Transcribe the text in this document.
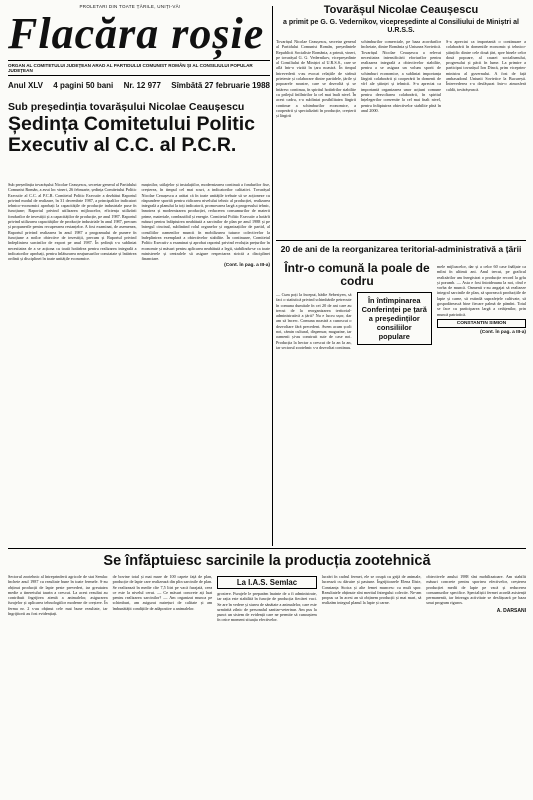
PROLETARI DIN TOATE ȚĂRILE, UNIȚI-VĂ!
Flacăra roșie
ORGAN AL COMITETULUI JUDEȚEAN ARAD AL PARTIDULUI COMUNIST ROMÂN ȘI AL CONSILIULUI POPULAR JUDEȚEAN
Anul XLV 4 pagini 50 bani Nr. 12 977 Sîmbătă 27 februarie 1988
Tovarășul Nicolae Ceaușescu
a primit pe G. G. Vedernikov, vicepreședinte al Consiliului de Miniștri al U.R.S.S.
Tovarășul Nicolae Ceaușescu, secretar general al Partidului Comunist Român, președintele Republicii Socialiste România, a primit, vineri, pe tovarășul G. G. Vedernikov, vicepreședinte al Consiliului de Miniștri al U.R.S.S., care se află într-o vizită în țara noastră. În timpul întrevederii s-au evocat relațiile de strînsă prietenie și colaborare dintre partidele, țările și popoarele noastre, care se dezvoltă și se întăresc continuu, în spiritul hotărîrilor stabilite cu prilejul întîlnirilor la cel mai înalt nivel. În acest cadru, s-a subliniat posibilitatea lărgirii continue a schimburilor economice, a cooperării și specializării în producție, creșterii și lărgirii
schimburilor comerciale, pe baza acordurilor încheiate, dintre România și Uniunea Sovietică. Tovarășul Nicolae Ceaușescu a relevat necesitatea intensificării eforturilor pentru realizarea integrală a obiectivelor stabilite, pentru a se asigura un volum sporit de schimburi economice, a subliniat importanța lărgirii colaborării și cooperării în domenii de vîrf ale științei și tehnicii. S-a apreciat ca importantă organizarea unor acțiuni comune pentru dezvoltarea colaborării, în spiritul înțelegerilor convenite la cel mai înalt nivel, pentru înfăptuirea obiectivelor stabilite pînă în anul 2000.
S-a apreciat ca importantă o continuare a colaborării în domeniile economic și tehnico-științific dintre cele două țări, spre binele celor două popoare, al cauzei socialismului, progresului și păcii în lume. La primire a participat tovarășul Ion Dincă, prim viceprim-ministru al guvernului. A fost de față ambasadorul Uniunii Sovietice la București. Întrevederea s-a desfășurat într-o atmosferă caldă, tovărășească.
Sub președinția tovarășului Nicolae Ceaușescu
Ședința Comitetului Politic Executiv al C.C. al P.C.R.
Sub președinția tovarășului Nicolae Ceaușescu, secretar general al Partidului Comunist Român, a avut loc vineri, 26 februarie, ședința Comitetului Politic Executiv al C.C. al P.C.R. Comitetul Politic Executiv a dezbătut Raportul privind modul de realizare, în 31 decembrie 1987, a principalilor indicatori tehnico-economici aprobați la capacitățile de producție industriale puse în funcțiune; Raportul privind utilizarea mijloacelor, eficiența utilizării fondurilor de investiții și a capacităților de producție, pe anul 1987. Raportul privind utilizarea capacităților de producție industriale în anul 1987, precum și propunerile pentru recuperarea restanțelor. A fost examinat, de asemenea, Raportul privind realizarea în anul 1987 a programului de punere în funcțiune a noilor obiective de investiții, precum și Raportul privind îndeplinirea sarcinilor de export pe anul 1987. În ședință s-a subliniat necesitatea de a se acționa cu toată hotărîrea pentru realizarea integrală a indicatorilor aprobați, pentru înlăturarea neajunsurilor constatate și întărirea ordinii și disciplinei în toate unitățile economice.
mașinilor, utilajelor și instalațiilor, modernizarea continuă a fondurilor fixe, creșterea, în timpul cel mai scurt, a indicatorilor calitativi. Tovarășul Nicolae Ceaușescu a arătat că în toate unitățile trebuie să se acționeze cu răspundere sporită pentru ridicarea nivelului tehnic al producției, realizarea integrală a planului la toți indicatorii, promovarea largă a progresului tehnic, înnoirea și modernizarea producției, reducerea consumurilor de materii prime, materiale, combustibil și energie. Comitetul Politic Executiv a hotărît măsuri pentru înfăptuirea neabătută a sarcinilor de plan pe anul 1988 și pe întregul cincinal, subliniind rolul organelor și organizațiilor de partid, al consiliilor oamenilor muncii în mobilizarea tuturor colectivelor la îndeplinirea exemplară a obiectivelor stabilite. În continuare, Comitetul Politic Executiv a examinat și aprobat raportul privind evoluția prețurilor în economie și măsuri pentru aplicarea neabătută a legii, stabilindu-se ca toate ministerele și centralele să asigure respectarea strictă a disciplinei financiare.
(Cont. în pag. a III-a)
20 de ani de la reorganizarea teritorial-administrativă a țării
Într-o comună la poale de codru
— Cum poți la început, bădie Sebestyen, să faci o statistică privind schimbările petrecute în comuna dumitale în cei 20 de ani care au trecut de la reorganizarea teritorial-administrativă a țării? Nu e lucru ușor, dar am să încerc. Comuna noastră a cunoscut o dezvoltare fără precedent. Avem acum școli noi, cămin cultural, dispensar, magazine, iar oamenii și-au construit sute de case noi. Producția la hectar a crescut de la an la an, iar sectorul zootehnic s-a dezvoltat continuu.
În întîmpinarea Conferinței pe țară a președinților consiliilor populare
mele mijloacelor, dar și a celor 60 case înălțate ca mîini în ultimii ani. Anul trecut, pe graficul realizărilor am înregistrat o producție record la grîu și porumb. — Asta e fost întotdeauna la noi, cînd e vorba de muncă. Oamenii s-au angajat să realizeze integral sarcinile de plan, să sporească producțiile de lapte și carne, să extindă suprafețele cultivate, să gospodărească bine fiecare palmă de pămînt. Totul se face cu participarea largă a cetățenilor, prin muncă patriotică.
CONSTANTIN SIMION
(Cont. în pag. a III-a)
Se înfăptuiesc sarcinile la producția zootehnică
Sectorul zootehnic al întreprinderii agricole de stat Semlac încheie anul 1987 cu rezultate bune în toate fermele. S-au obținut producții de lapte peste prevederi, iar greutatea medie a tineretului taurin a crescut. La acest rezultat au contribuit îngrijirea atentă a animalelor, asigurarea furajelor și aplicarea tehnologiilor moderne de creștere. În ferma nr. 2 s-au obținut cele mai bune rezultate, iar îngrijitorii au fost evidențiați.
de bovine total și mai mare de 100 capete față de plan, producție de lapte care realizează din plin sarcinile de plan. Se realizează în medie cîte 7,5 litri pe vacă furajată, ceea ce este la nivelul cerut. — Ce măsuri concrete ați luat pentru realizarea sarcinilor? — Am organizat munca pe schimburi, am asigurat nutrețuri de calitate și am îmbunătățit condițiile de adăpostire a animalelor.
La I.A.S. Semlac
grosiere. Furajele le preparăm înainte de a fi administrate, iar rația este stabilită în funcție de producția fiecărei vaci. Se are în vedere și starea de sănătate a animalelor, care este urmărită zilnic de personalul sanitar-veterinar. Am pus la punct un sistem de evidență care ne permite să cunoaștem în orice moment situația efectivelor.
lucrări în cadrul fermei, ele se ocupă cu grijă de animale, lucrează cu dăruire și pasiune. Îngrijitoarele Elena Ilisie, Constanța Stoica și alte femei muncesc cu mult spor. Rezultatele obținute sînt meritul întregului colectiv. Ne-am propus ca în acest an să obținem producții și mai mari, să realizăm integral planul la lapte și carne.
obiectivele anului 1988 sînt mobilizatoare. Am stabilit măsuri concrete pentru sporirea efectivelor, creșterea producției medii de lapte pe vacă și reducerea consumurilor specifice. Specialiștii fermei acordă asistență permanentă, iar întreaga activitate se desfășoară pe baza unui program riguros.
A. DARSANI
